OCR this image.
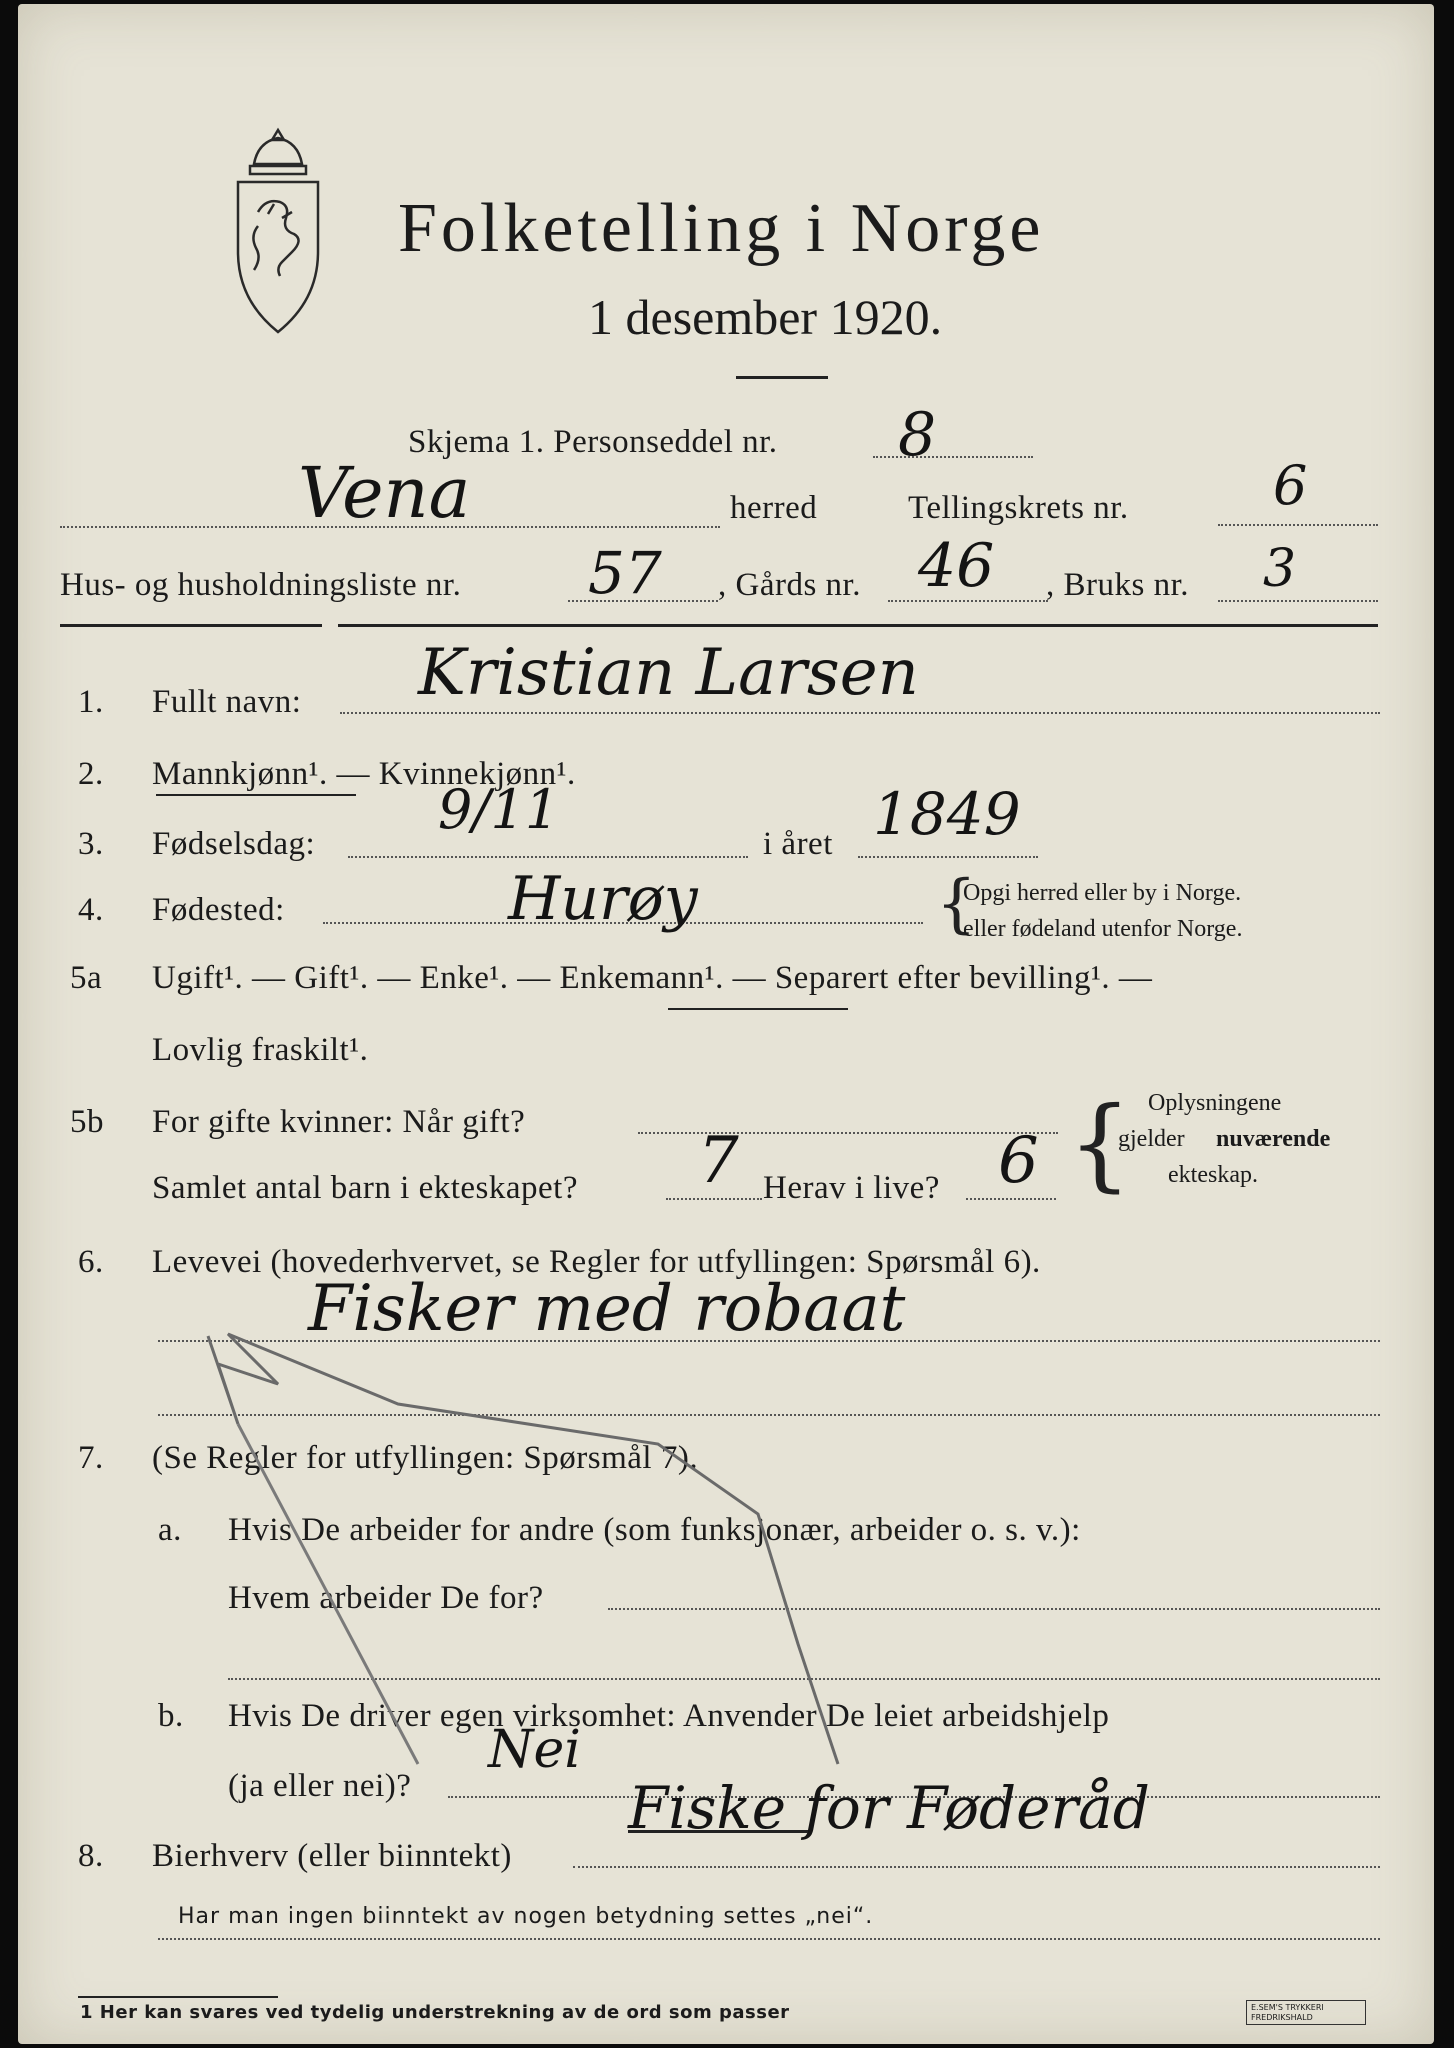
Folketelling i Norge
1 desember 1920.
Skjema 1. Personseddel nr. 8
Vena	herred	Tellingskrets nr.	6
Hus- og husholdningsliste nr. 57 , Gårds nr. 46 , Bruks nr. 3
1. Fullt navn: Kristian Larsen
2. Mannkjønn¹. — Kvinnekjønn¹.
3. Fødselsdag:
9/11
i året 1849
4. Fødested:	Hurøy	{
Opgi herred eller by i Norge.
eller fødeland utenfor Norge.
5a Ugift¹. — Gift¹. — Enke¹. — Enkemann¹. — Separert efter bevilling¹. —
Lovlig fraskilt¹.
5b For gifte kvinner: Når gift?
Samlet antal barn i ekteskapet? 7 Herav i live? 6 { Oplysningene
gjelder nuværende
ekteskap.
6. Levevei (hovederhvervet, se Regler for utfyllingen: Spørsmål 6).
Fisker med robaat
7. (Se Regler for utfyllingen: Spørsmål 7).
a. Hvis De arbeider for andre (som funksjonær, arbeider o. s. v.):
Hvem arbeider De for?
b. Hvis De driver egen virksomhet: Anvender De leiet arbeidshjelp
(ja eller nei)?
Nei
8. Bierhverv (eller biinntekt)
Fiske for Føderåd
Har man ingen biinntekt av nogen betydning settes „nei“.
1 Her kan svares ved tydelig understrekning av de ord som passer	E.SEM'S TRYKKERI FREDRIKSHALD
